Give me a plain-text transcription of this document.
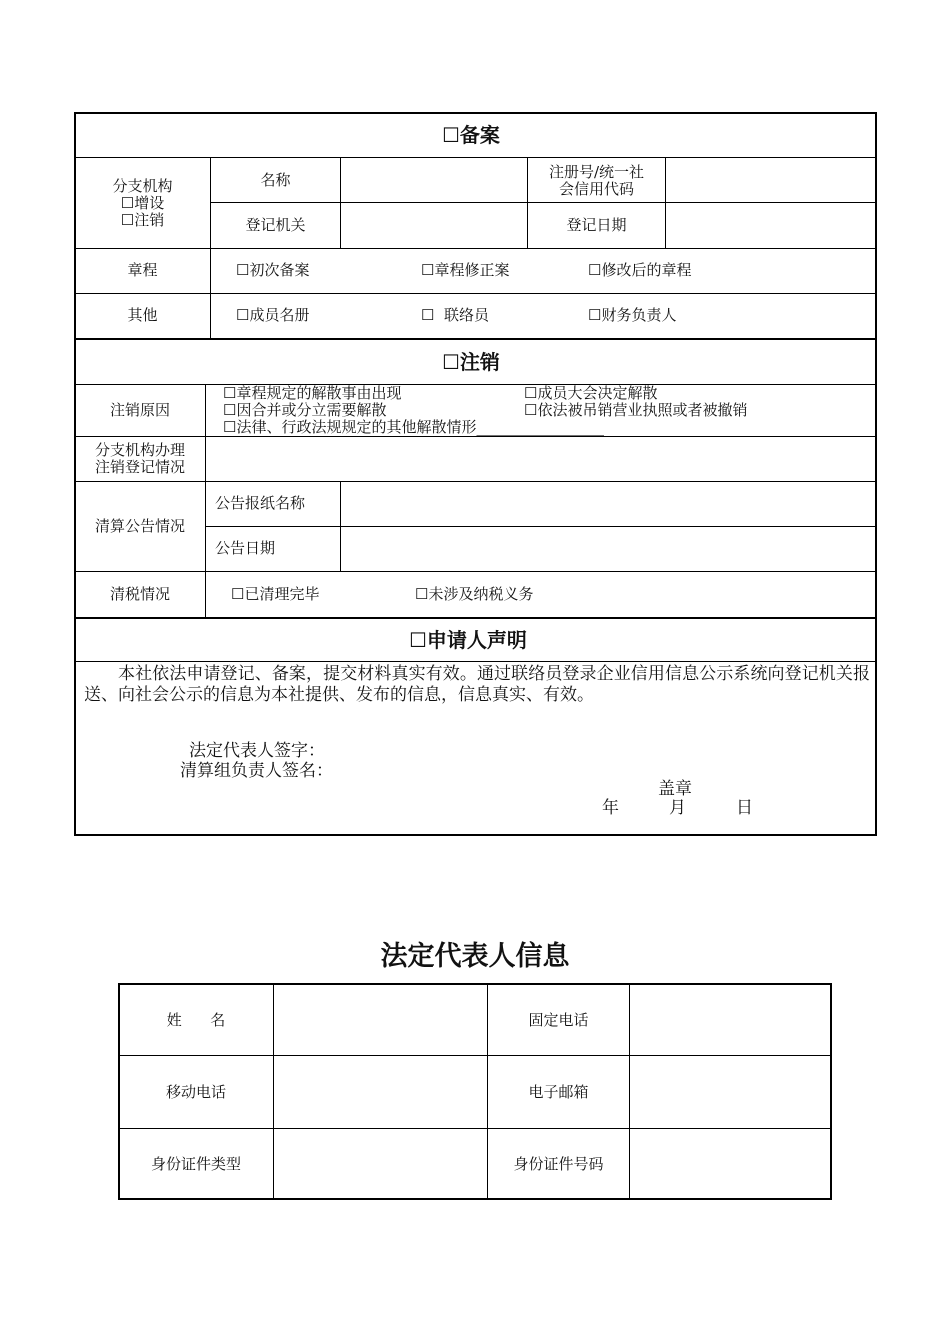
☐备案
分支机构
☐增设
☐注销
名称	注册号/统一社
会信用代码
登记机关	登记日期
章程	☐初次备案	☐章程修正案	☐修改后的章程
其他	☐成员名册	☐  联络员	☐财务负责人
☐注销
注销原因
☐章程规定的解散事由出现	☐成员大会决定解散
☐因合并或分立需要解散	☐依法被吊销营业执照或者被撤销
☐法律、行政法规规定的其他解散情形_________________
分支机构办理
注销登记情况
清算公告情况
公告报纸名称
公告日期
清税情况	☐已清理完毕	☐未涉及纳税义务
☐申请人声明
本社依法申请登记、备案，提交材料真实有效。通过联络员登录企业信用信息公示系统向登记机关报送、向社会公示的信息为本社提供、发布的信息，信息真实、有效。
法定代表人签字：
清算组负责人签名：
盖章
年	月	日
法定代表人信息
姓      名	固定电话
移动电话	电子邮箱
身份证件类型	身份证件号码
